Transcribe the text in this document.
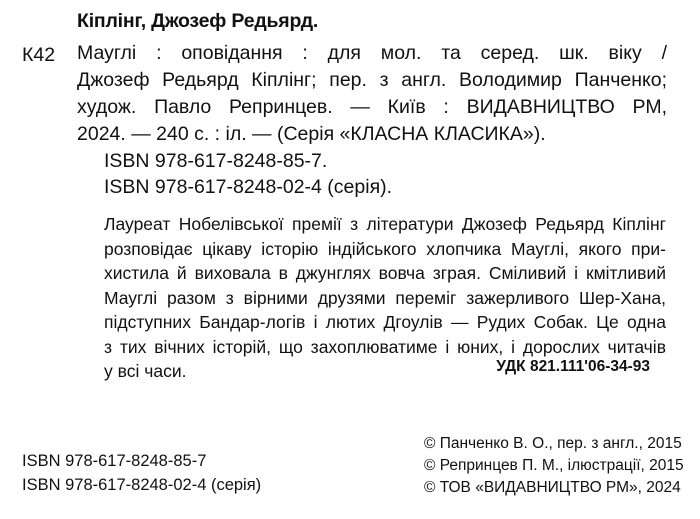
Кіплінг, Джозеф Редьярд.
К42 Мауглі : оповідання : для мол. та серед. шк. віку /
Джозеф Редьярд Кіплінг; пер. з англ. Володимир Панченко;
худож. Павло Репринцев. — Київ : ВИДАВНИЦТВО РМ,
2024. — 240 с. : іл. — (Серія «КЛАСНА КЛАСИКА»).
ISBN 978-617-8248-85-7.
ISBN 978-617-8248-02-4 (серія).
Лауреат Нобелівської премії з літератури Джозеф Редьярд Кіплінг
розповідає цікаву історію індійського хлопчика Мауглі, якого при-
хистила й виховала в джунглях вовча зграя. Сміливий і кмітливий
Мауглі разом з вірними друзями переміг зажерливого Шер-Хана,
підступних Бандар-логів і лютих Дгоулів — Рудих Собак. Це одна
з тих вічних історій, що захоплюватиме і юних, і дорослих читачів
у всі часи.	УДК 821.111'06-34-93
ISBN 978-617-8248-85-7
ISBN 978-617-8248-02-4 (серія)
© Панченко В. О., пер. з англ., 2015
© Репринцев П. М., ілюстрації, 2015
© ТОВ «ВИДАВНИЦТВО РМ», 2024
